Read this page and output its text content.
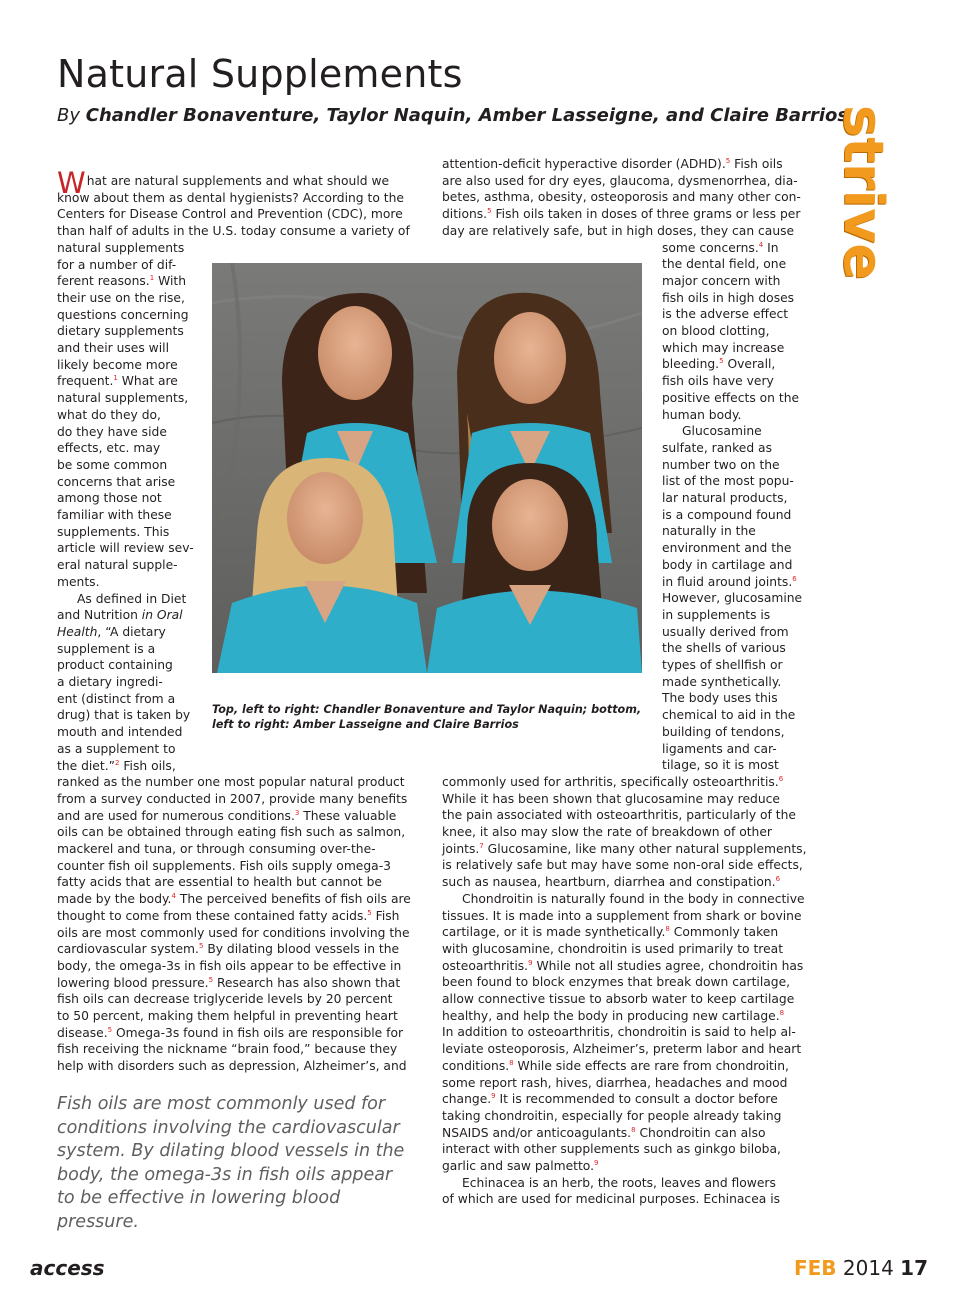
Natural Supplements

By Chandler Bonaventure, Taylor Naquin, Amber Lasseigne, and Claire Barrios

strive
What are natural supplements and what should we
know about them as dental hygienists? According to the
Centers for Disease Control and Prevention (CDC), more
than half of adults in the U.S. today consume a variety of
natural supplements
for a number of dif-
ferent reasons.$^1$ With
their use on the rise,
questions concerning
dietary supplements
and their uses will
likely become more
frequent.$^1$ What are
natural supplements,
what do they do,
do they have side
effects, etc. may
be some common
concerns that arise
among those not
familiar with these
supplements. This
article will review sev-
eral natural supple-
ments.
As defined in Diet
and Nutrition in Oral
Health, “A dietary
supplement is a
product containing
a dietary ingredi-
ent (distinct from a
drug) that is taken by
mouth and intended
as a supplement to
the diet.”$^2$ Fish oils,
ranked as the number one most popular natural product
from a survey conducted in 2007, provide many benefits
and are used for numerous conditions.$^3$ These valuable
oils can be obtained through eating fish such as salmon,
mackerel and tuna, or through consuming over-the-
counter fish oil supplements. Fish oils supply omega-3
fatty acids that are essential to health but cannot be
made by the body.$^4$ The perceived benefits of fish oils are
thought to come from these contained fatty acids.$^5$ Fish
oils are most commonly used for conditions involving the
cardiovascular system.$^5$ By dilating blood vessels in the
body, the omega-3s in fish oils appear to be effective in
lowering blood pressure.$^5$ Research has also shown that
fish oils can decrease triglyceride levels by 20 percent
to 50 percent, making them helpful in preventing heart
disease.$^5$ Omega-3s found in fish oils are responsible for
fish receiving the nickname “brain food,” because they
help with disorders such as depression, Alzheimer’s, and
attention-deficit hyperactive disorder (ADHD).$^5$ Fish oils
are also used for dry eyes, glaucoma, dysmenorrhea, dia-
betes, asthma, obesity, osteoporosis and many other con-
ditions.$^5$ Fish oils taken in doses of three grams or less per
day are relatively safe, but in high doses, they can cause
some concerns.$^4$ In
the dental field, one
major concern with
fish oils in high doses
is the adverse effect
on blood clotting,
which may increase
bleeding.$^5$ Overall,
fish oils have very
positive effects on the
human body.
Glucosamine
sulfate, ranked as
number two on the
list of the most popu-
lar natural products,
is a compound found
naturally in the
environment and the
body in cartilage and
in fluid around joints.$^6$
However, glucosamine
in supplements is
usually derived from
the shells of various
types of shellfish or
made synthetically.
The body uses this
chemical to aid in the
building of tendons,
ligaments and car-
tilage, so it is most
commonly used for arthritis, specifically osteoarthritis.$^6$
While it has been shown that glucosamine may reduce
the pain associated with osteoarthritis, particularly of the
knee, it also may slow the rate of breakdown of other
joints.$^7$ Glucosamine, like many other natural supplements,
is relatively safe but may have some non-oral side effects,
such as nausea, heartburn, diarrhea and constipation.$^6$
Chondroitin is naturally found in the body in connective
tissues. It is made into a supplement from shark or bovine
cartilage, or it is made synthetically.$^8$ Commonly taken
with glucosamine, chondroitin is used primarily to treat
osteoarthritis.$^9$ While not all studies agree, chondroitin has
been found to block enzymes that break down cartilage,
allow connective tissue to absorb water to keep cartilage
healthy, and help the body in producing new cartilage.$^8$
In addition to osteoarthritis, chondroitin is said to help al-
leviate osteoporosis, Alzheimer’s, preterm labor and heart
conditions.$^8$ While side effects are rare from chondroitin,
some report rash, hives, diarrhea, headaches and mood
change.$^9$ It is recommended to consult a doctor before
taking chondroitin, especially for people already taking
NSAIDS and/or anticoagulants.$^8$ Chondroitin can also
interact with other supplements such as ginkgo biloba,
garlic and saw palmetto.$^9$
Echinacea is an herb, the roots, leaves and flowers
of which are used for medicinal purposes. Echinacea is

Top, left to right: Chandler Bonaventure and Taylor Naquin; bottom, left to right: Amber Lasseigne and Claire Barrios

Fish oils are most commonly used for conditions involving the cardiovascular system. By dilating blood vessels in the body, the omega-3s in fish oils appear to be effective in lowering blood pressure.

access	FEB 2014 17
